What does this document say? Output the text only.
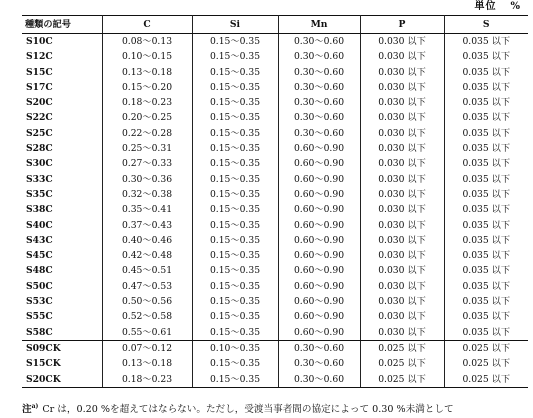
単位 %
種類の記号	C	Si	Mn	P	S
S10C	0.08～0.13	0.15～0.35	0.30～0.60	0.030 以下	0.035 以下
S12C	0.10～0.15	0.15～0.35	0.30～0.60	0.030 以下	0.035 以下
S15C	0.13～0.18	0.15～0.35	0.30～0.60	0.030 以下	0.035 以下
S17C	0.15～0.20	0.15～0.35	0.30～0.60	0.030 以下	0.035 以下
S20C	0.18～0.23	0.15～0.35	0.30～0.60	0.030 以下	0.035 以下
S22C	0.20～0.25	0.15～0.35	0.30～0.60	0.030 以下	0.035 以下
S25C	0.22～0.28	0.15～0.35	0.30～0.60	0.030 以下	0.035 以下
S28C	0.25～0.31	0.15～0.35	0.60～0.90	0.030 以下	0.035 以下
S30C	0.27～0.33	0.15～0.35	0.60～0.90	0.030 以下	0.035 以下
S33C	0.30～0.36	0.15～0.35	0.60～0.90	0.030 以下	0.035 以下
S35C	0.32～0.38	0.15～0.35	0.60～0.90	0.030 以下	0.035 以下
S38C	0.35～0.41	0.15～0.35	0.60～0.90	0.030 以下	0.035 以下
S40C	0.37～0.43	0.15～0.35	0.60～0.90	0.030 以下	0.035 以下
S43C	0.40～0.46	0.15～0.35	0.60～0.90	0.030 以下	0.035 以下
S45C	0.42～0.48	0.15～0.35	0.60～0.90	0.030 以下	0.035 以下
S48C	0.45～0.51	0.15～0.35	0.60～0.90	0.030 以下	0.035 以下
S50C	0.47～0.53	0.15～0.35	0.60～0.90	0.030 以下	0.035 以下
S53C	0.50～0.56	0.15～0.35	0.60～0.90	0.030 以下	0.035 以下
S55C	0.52～0.58	0.15～0.35	0.60～0.90	0.030 以下	0.035 以下
S58C	0.55～0.61	0.15～0.35	0.60～0.90	0.030 以下	0.035 以下
S09CK	0.07～0.12	0.10～0.35	0.30～0.60	0.025 以下	0.025 以下
S15CK	0.13～0.18	0.15～0.35	0.30～0.60	0.025 以下	0.025 以下
S20CK	0.18～0.23	0.15～0.35	0.30～0.60	0.025 以下	0.025 以下
注$^{a)}$ Cr は，0.20 %を超えてはならない。ただし，受渡当事者間の協定によって 0.30 %未満として
